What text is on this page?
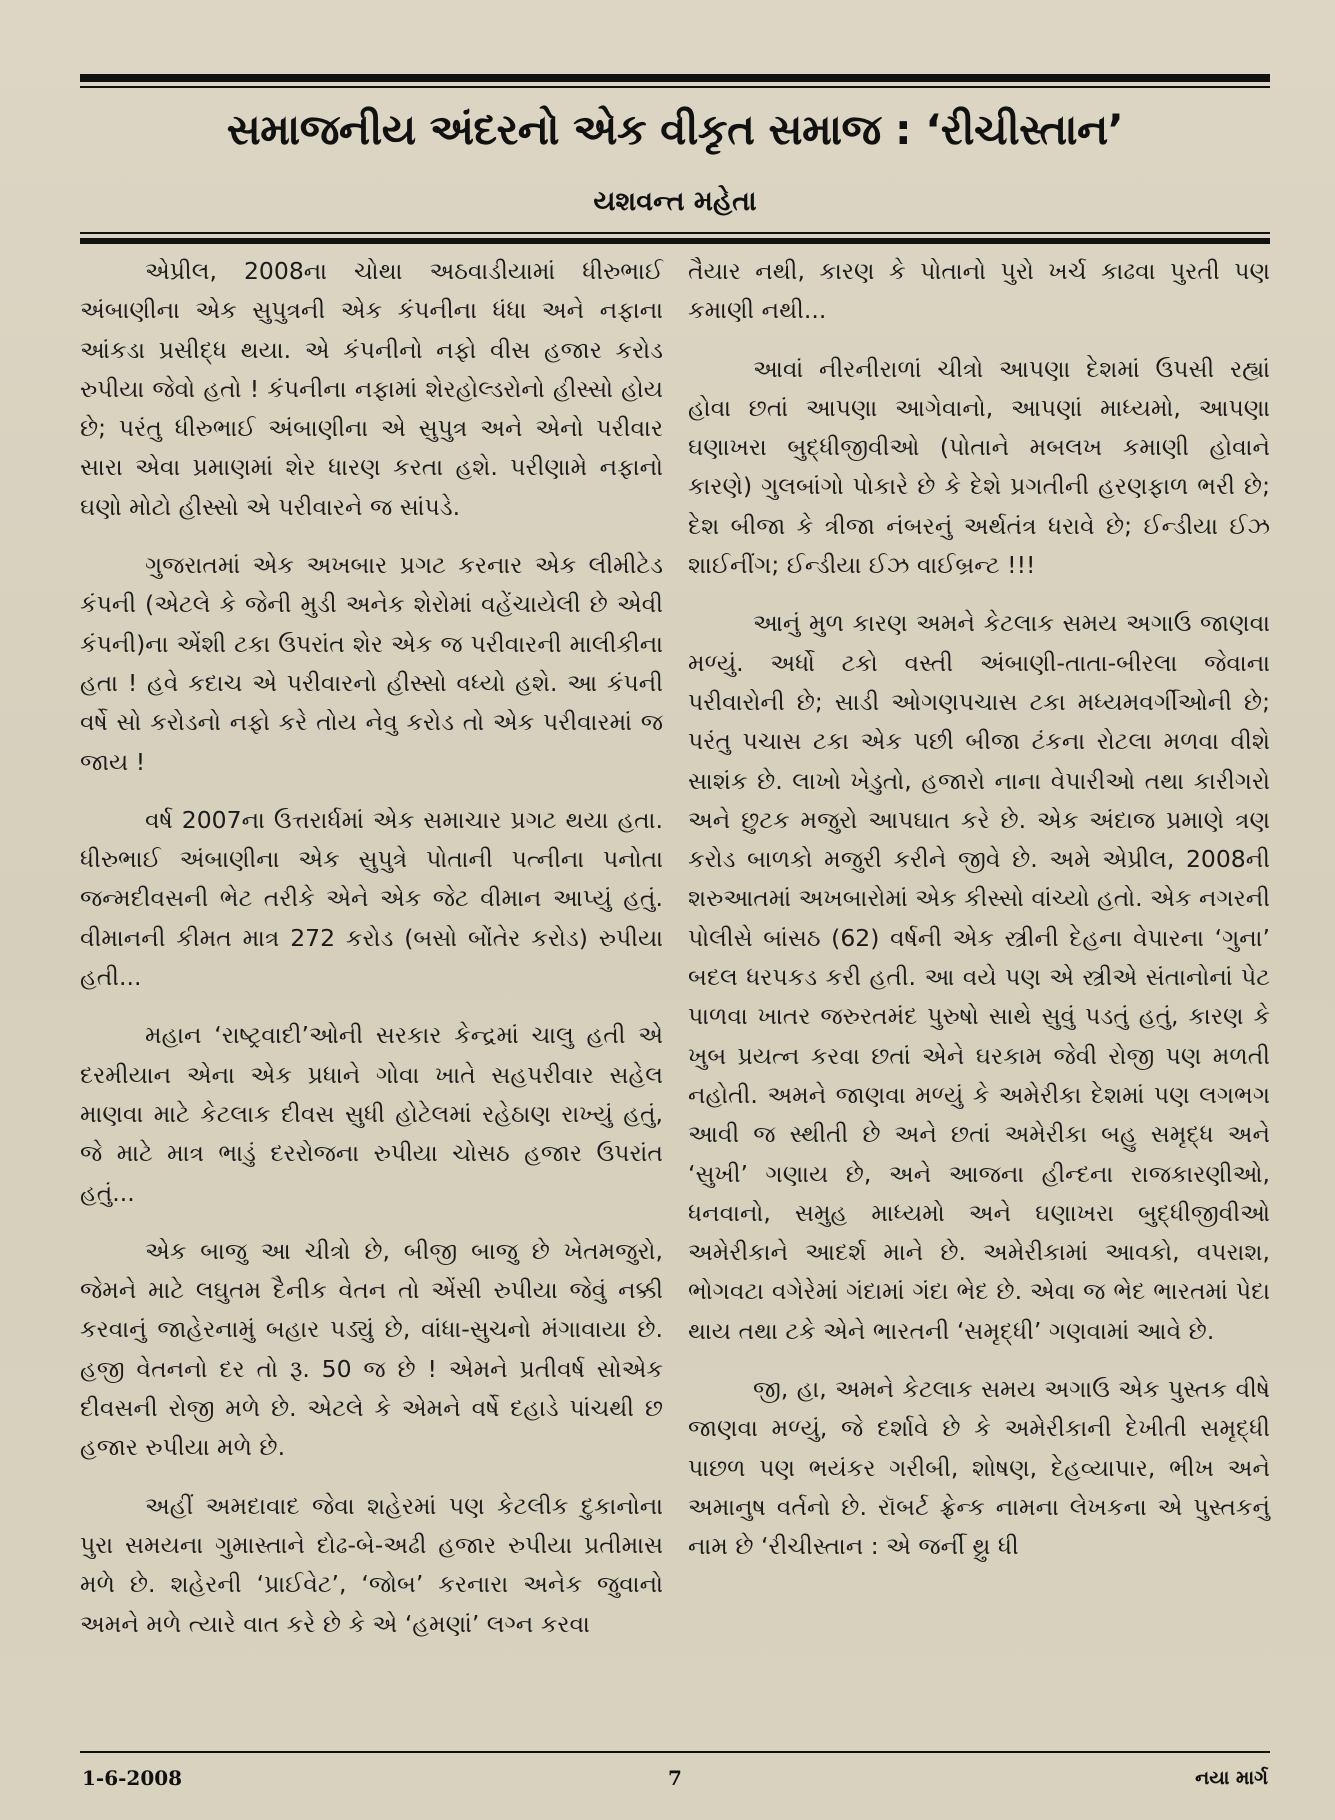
સમાજનીય અંદરનો એક વીકૃત સમાજ : ‘રીચીસ્તાન’
યશવન્ત મહેતા

એપ્રીલ, 2008ના ચોથા અઠવાડીયામાં ધીરુભાઈ અંબાણીના એક સુપુત્રની એક કંપનીના ધંધા અને નફાના આંકડા પ્રસીદ્ધ થયા. એ કંપનીનો નફો વીસ હજાર કરોડ રુપીયા જેવો હતો ! કંપનીના નફામાં શેરહોલ્ડરોનો હીસ્સો હોય છે; પરંતુ ધીરુભાઈ અંબાણીના એ સુપુત્ર અને એનો પરીવાર સારા એવા પ્રમાણમાં શેર ધારણ કરતા હશે. પરીણામે નફાનો ઘણો મોટો હીસ્સો એ પરીવારને જ સાંપડે.

ગુજરાતમાં એક અખબાર પ્રગટ કરનાર એક લીમીટેડ કંપની (એટલે કે જેની મુડી અનેક શેરોમાં વહેંચાયેલી છે એવી કંપની)ના એંશી ટકા ઉપરાંત શેર એક જ પરીવારની માલીકીના હતા ! હવે કદાચ એ પરીવારનો હીસ્સો વધ્યો હશે. આ કંપની વર્ષે સો કરોડનો નફો કરે તોય નેવુ કરોડ તો એક પરીવારમાં જ જાય !

વર્ષ 2007ના ઉત્તરાર્ધમાં એક સમાચાર પ્રગટ થયા હતા. ધીરુભાઈ અંબાણીના એક સુપુત્રે પોતાની પત્નીના પનોતા જન્મદીવસની ભેટ તરીકે એને એક જેટ વીમાન આપ્યું હતું. વીમાનની કીમત માત્ર 272 કરોડ (બસો બોંતેર કરોડ) રુપીયા હતી...

મહાન ‘રાષ્ટ્રવાદી’ઓની સરકાર કેન્દ્રમાં ચાલુ હતી એ દરમીયાન એના એક પ્રધાને ગોવા ખાતે સહપરીવાર સહેલ માણવા માટે કેટલાક દીવસ સુધી હોટેલમાં રહેઠાણ રાખ્યું હતું, જે માટે માત્ર ભાડું દરરોજના રુપીયા ચોસઠ હજાર ઉપરાંત હતું...

એક બાજુ આ ચીત્રો છે, બીજી બાજુ છે ખેતમજુરો, જેમને માટે લઘુતમ દૈનીક વેતન તો એંસી રુપીયા જેવું નક્કી કરવાનું જાહેરનામું બહાર પડ્યું છે, વાંધા-સુચનો મંગાવાયા છે. હજી વેતનનો દર તો રૂ. 50 જ છે ! એમને પ્રતીવર્ષ સોએક દીવસની રોજી મળે છે. એટલે કે એમને વર્ષે દહાડે પાંચથી છ હજાર રુપીયા મળે છે.

અહીં અમદાવાદ જેવા શહેરમાં પણ કેટલીક દુકાનોના પુરા સમયના ગુમાસ્તાને દોઢ-બે-અઢી હજાર રુપીયા પ્રતીમાસ મળે છે. શહેરની ‘પ્રાઈવેટ’, ‘જોબ’ કરનારા અનેક જુવાનો અમને મળે ત્યારે વાત કરે છે કે એ ‘હમણાં’ લગ્ન કરવા

તૈયાર નથી, કારણ કે પોતાનો પુરો ખર્ચ કાઢવા પુરતી પણ કમાણી નથી...

આવાં નીરનીરાળાં ચીત્રો આપણા દેશમાં ઉપસી રહ્યાં હોવા છતાં આપણા આગેવાનો, આપણાં માધ્યમો, આપણા ઘણાખરા બુદ્ધીજીવીઓ (પોતાને મબલખ કમાણી હોવાને કારણે) ગુલબાંગો પોકારે છે કે દેશે પ્રગતીની હરણફાળ ભરી છે; દેશ બીજા કે ત્રીજા નંબરનું અર્થતંત્ર ધરાવે છે; ઈન્ડીયા ઈઝ શાઈનીંગ; ઈન્ડીયા ઈઝ વાઈબ્રન્ટ !!!

આનું મુળ કારણ અમને કેટલાક સમય અગાઉ જાણવા મળ્યું. અર્ધો ટકો વસ્તી અંબાણી-તાતા-બીરલા જેવાના પરીવારોની છે; સાડી ઓગણપચાસ ટકા મધ્યમવર્ગીઓની છે; પરંતુ પચાસ ટકા એક પછી બીજા ટંકના રોટલા મળવા વીશે સાશંક છે. લાખો ખેડુતો, હજારો નાના વેપારીઓ તથા કારીગરો અને છુટક મજુરો આપઘાત કરે છે. એક અંદાજ પ્રમાણે ત્રણ કરોડ બાળકો મજુરી કરીને જીવે છે. અમે એપ્રીલ, 2008ની શરુઆતમાં અખબારોમાં એક કીસ્સો વાંચ્યો હતો. એક નગરની પોલીસે બાંસઠ (62) વર્ષની એક સ્ત્રીની દેહના વેપારના ‘ગુના’ બદલ ધરપકડ કરી હતી. આ વયે પણ એ સ્ત્રીએ સંતાનોનાં પેટ પાળવા ખાતર જરુરતમંદ પુરુષો સાથે સુવું પડતું હતું, કારણ કે ખુબ પ્રયત્ન કરવા છતાં એને ઘરકામ જેવી રોજી પણ મળતી નહોતી. અમને જાણવા મળ્યું કે અમેરીકા દેશમાં પણ લગભગ આવી જ સ્થીતી છે અને છતાં અમેરીકા બહુ સમૃદ્ધ અને ‘સુખી’ ગણાય છે, અને આજના હીન્દના રાજકારણીઓ, ધનવાનો, સમુહ માધ્યમો અને ઘણાખરા બુદ્ધીજીવીઓ અમેરીકાને આદર્શ માને છે. અમેરીકામાં આવકો, વપરાશ, ભોગવટા વગેરેમાં ગંદામાં ગંદા ભેદ છે. એવા જ ભેદ ભારતમાં પેદા થાય તથા ટકે એને ભારતની ‘સમૃદ્ધી’ ગણવામાં આવે છે.

જી, હા, અમને કેટલાક સમય અગાઉ એક પુસ્તક વીષે જાણવા મળ્યું, જે દર્શાવે છે કે અમેરીકાની દેખીતી સમૃદ્ધી પાછળ પણ ભયંકર ગરીબી, શોષણ, દેહવ્યાપાર, ભીખ અને અમાનુષ વર્તનો છે. રૉબર્ટ ફ્રેન્ક નામના લેખકના એ પુસ્તકનું નામ છે ‘રીચીસ્તાન : એ જર્ની થ્રુ ધી

1-6-2008	7	નયા માર્ગ
